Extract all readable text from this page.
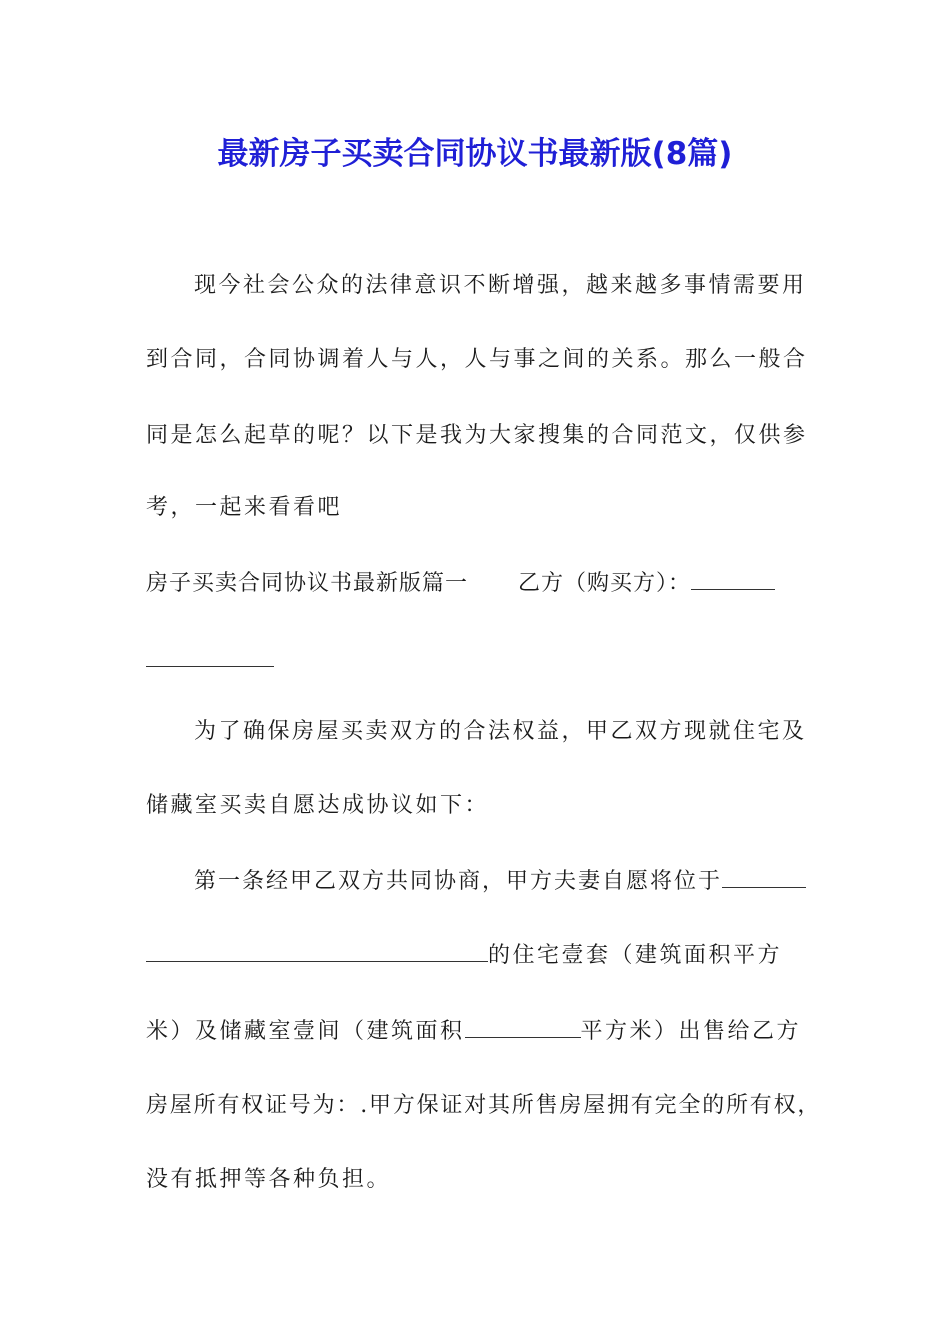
最新房子买卖合同协议书最新版(8篇)
现今社会公众的法律意识不断增强，越来越多事情需要用
到合同，合同协调着人与人，人与事之间的关系。那么一般合
同是怎么起草的呢？以下是我为大家搜集的合同范文，仅供参
考，一起来看看吧
房子买卖合同协议书最新版篇一 乙方（购买方）：
为了确保房屋买卖双方的合法权益，甲乙双方现就住宅及
储藏室买卖自愿达成协议如下：
第一条经甲乙双方共同协商，甲方夫妻自愿将位于
的住宅壹套（建筑面积平方
米）及储藏室壹间（建筑面积	平方米）出售给乙方
房屋所有权证号为：.甲方保证对其所售房屋拥有完全的所有权，
没有抵押等各种负担。
